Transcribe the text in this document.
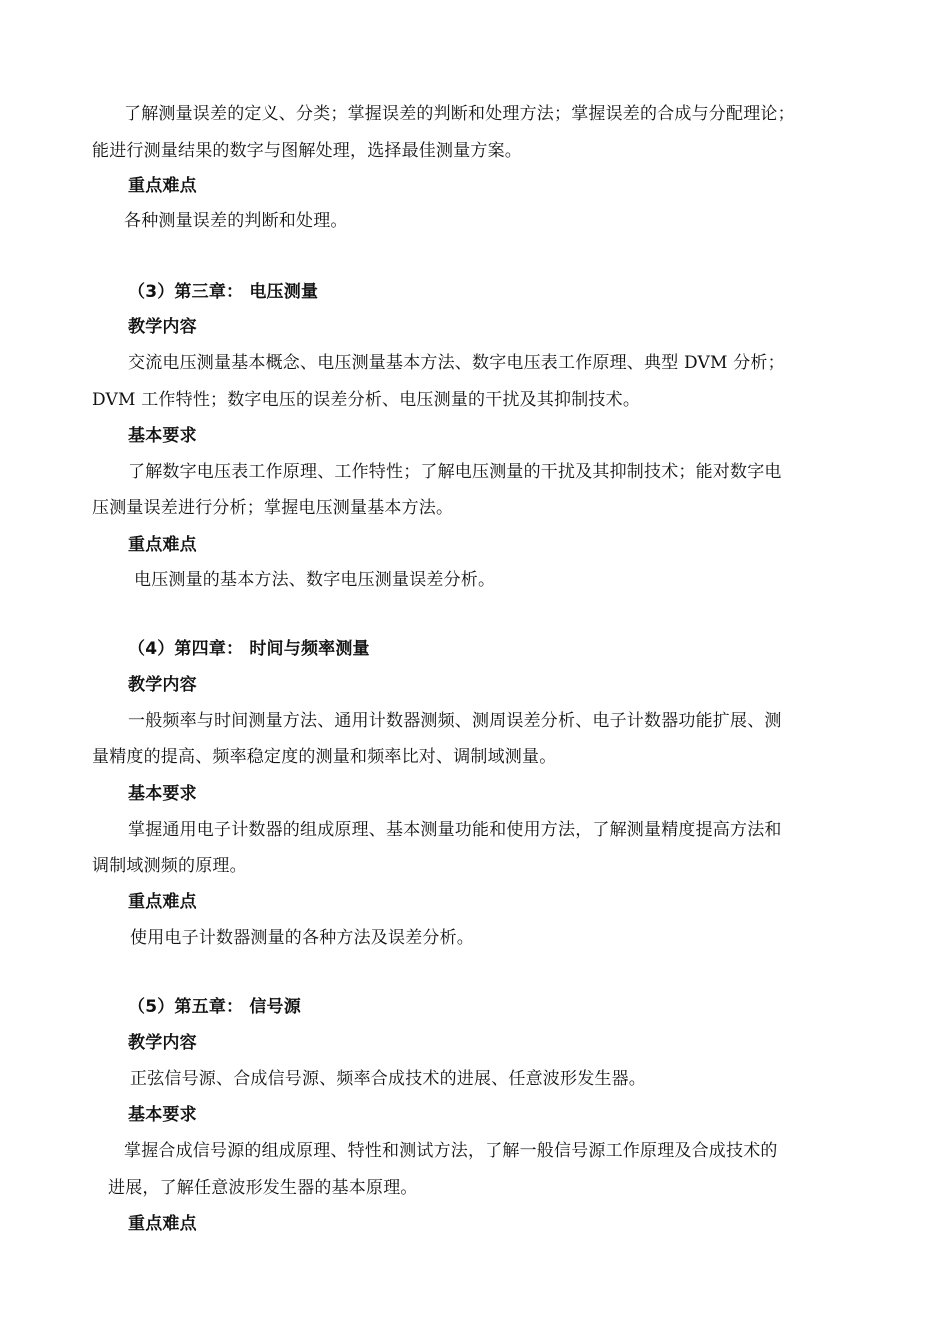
了解测量误差的定义、分类；掌握误差的判断和处理方法；掌握误差的合成与分配理论；
能进行测量结果的数字与图解处理，选择最佳测量方案。
重点难点
各种测量误差的判断和处理。
（3）第三章： 电压测量
教学内容
交流电压测量基本概念、电压测量基本方法、数字电压表工作原理、典型 DVM 分析；
DVM 工作特性；数字电压的误差分析、电压测量的干扰及其抑制技术。
基本要求
了解数字电压表工作原理、工作特性；了解电压测量的干扰及其抑制技术；能对数字电
压测量误差进行分析；掌握电压测量基本方法。
重点难点
电压测量的基本方法、数字电压测量误差分析。
（4）第四章： 时间与频率测量
教学内容
一般频率与时间测量方法、通用计数器测频、测周误差分析、电子计数器功能扩展、测
量精度的提高、频率稳定度的测量和频率比对、调制域测量。
基本要求
掌握通用电子计数器的组成原理、基本测量功能和使用方法，了解测量精度提高方法和
调制域测频的原理。
重点难点
使用电子计数器测量的各种方法及误差分析。
（5）第五章： 信号源
教学内容
正弦信号源、合成信号源、频率合成技术的进展、任意波形发生器。
基本要求
掌握合成信号源的组成原理、特性和测试方法，了解一般信号源工作原理及合成技术的
进展，了解任意波形发生器的基本原理。
重点难点
